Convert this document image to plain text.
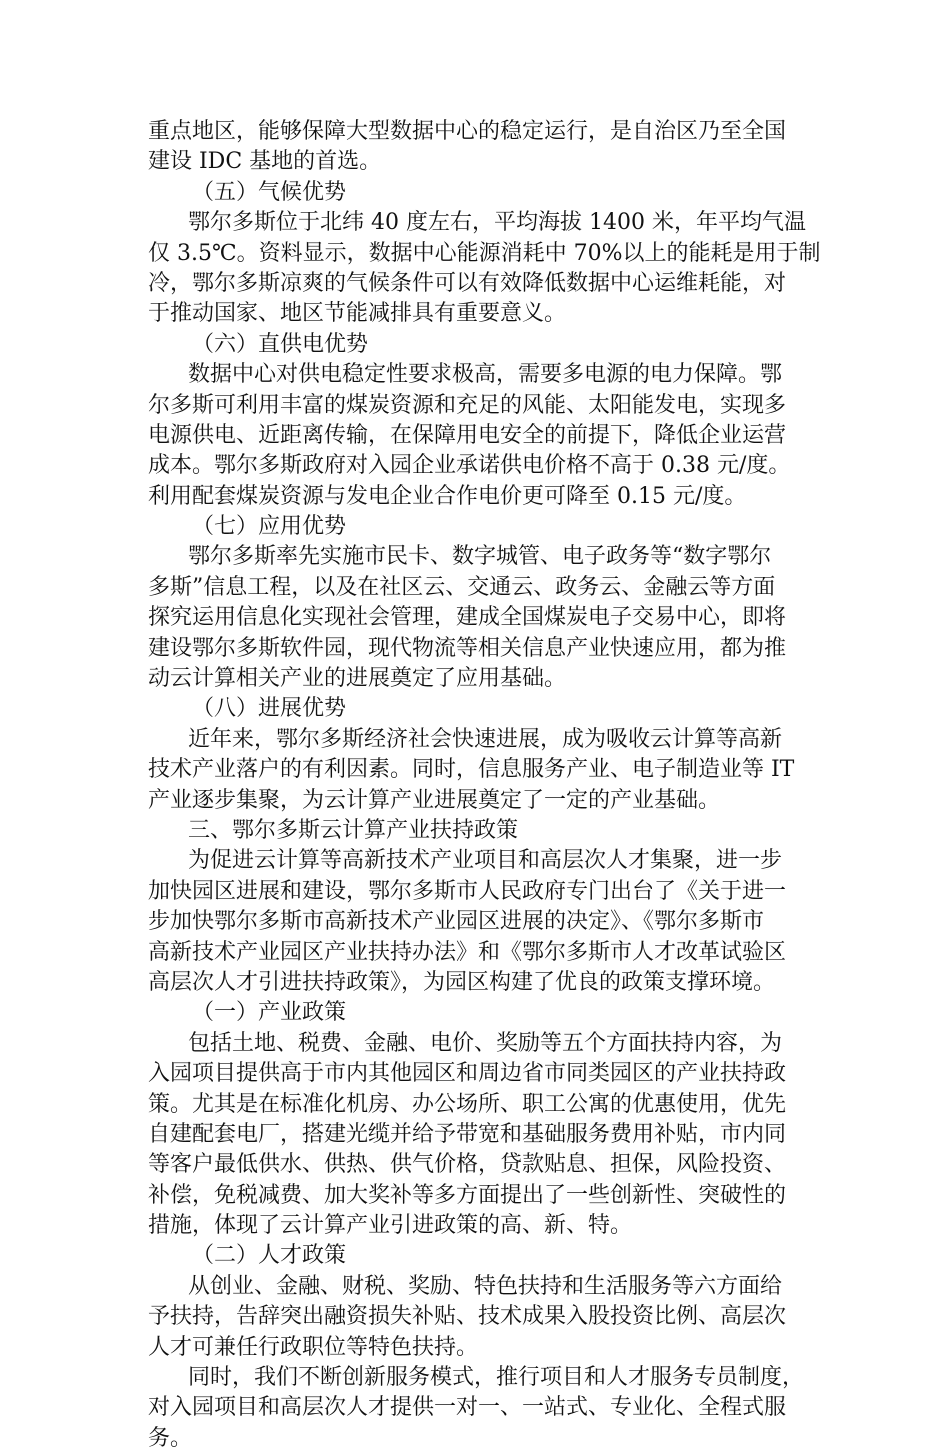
重点地区，能够保障大型数据中心的稳定运行，是自治区乃至全国
建设 IDC 基地的首选。
（五）气候优势
鄂尔多斯位于北纬 40 度左右，平均海拔 1400 米，年平均气温
仅 3.5℃。资料显示，数据中心能源消耗中 70%以上的能耗是用于制
冷，鄂尔多斯凉爽的气候条件可以有效降低数据中心运维耗能，对
于推动国家、地区节能减排具有重要意义。
（六）直供电优势
数据中心对供电稳定性要求极高，需要多电源的电力保障。鄂
尔多斯可利用丰富的煤炭资源和充足的风能、太阳能发电，实现多
电源供电、近距离传输，在保障用电安全的前提下，降低企业运营
成本。鄂尔多斯政府对入园企业承诺供电价格不高于 0.38 元/度。
利用配套煤炭资源与发电企业合作电价更可降至 0.15 元/度。
（七）应用优势
鄂尔多斯率先实施市民卡、数字城管、电子政务等“数字鄂尔
多斯”信息工程，以及在社区云、交通云、政务云、金融云等方面
探究运用信息化实现社会管理，建成全国煤炭电子交易中心，即将
建设鄂尔多斯软件园，现代物流等相关信息产业快速应用，都为推
动云计算相关产业的进展奠定了应用基础。
（八）进展优势
近年来，鄂尔多斯经济社会快速进展，成为吸收云计算等高新
技术产业落户的有利因素。同时，信息服务产业、电子制造业等 IT
产业逐步集聚，为云计算产业进展奠定了一定的产业基础。
三、鄂尔多斯云计算产业扶持政策
为促进云计算等高新技术产业项目和高层次人才集聚，进一步
加快园区进展和建设，鄂尔多斯市人民政府专门出台了《关于进一
步加快鄂尔多斯市高新技术产业园区进展的决定》、《鄂尔多斯市
高新技术产业园区产业扶持办法》和《鄂尔多斯市人才改革试验区
高层次人才引进扶持政策》，为园区构建了优良的政策支撑环境。
（一）产业政策
包括土地、税费、金融、电价、奖励等五个方面扶持内容，为
入园项目提供高于市内其他园区和周边省市同类园区的产业扶持政
策。尤其是在标准化机房、办公场所、职工公寓的优惠使用，优先
自建配套电厂，搭建光缆并给予带宽和基础服务费用补贴，市内同
等客户最低供水、供热、供气价格，贷款贴息、担保，风险投资、
补偿，免税减费、加大奖补等多方面提出了一些创新性、突破性的
措施，体现了云计算产业引进政策的高、新、特。
（二）人才政策
从创业、金融、财税、奖励、特色扶持和生活服务等六方面给
予扶持，告辞突出融资损失补贴、技术成果入股投资比例、高层次
人才可兼任行政职位等特色扶持。
同时，我们不断创新服务模式，推行项目和人才服务专员制度，
对入园项目和高层次人才提供一对一、一站式、专业化、全程式服
务。
